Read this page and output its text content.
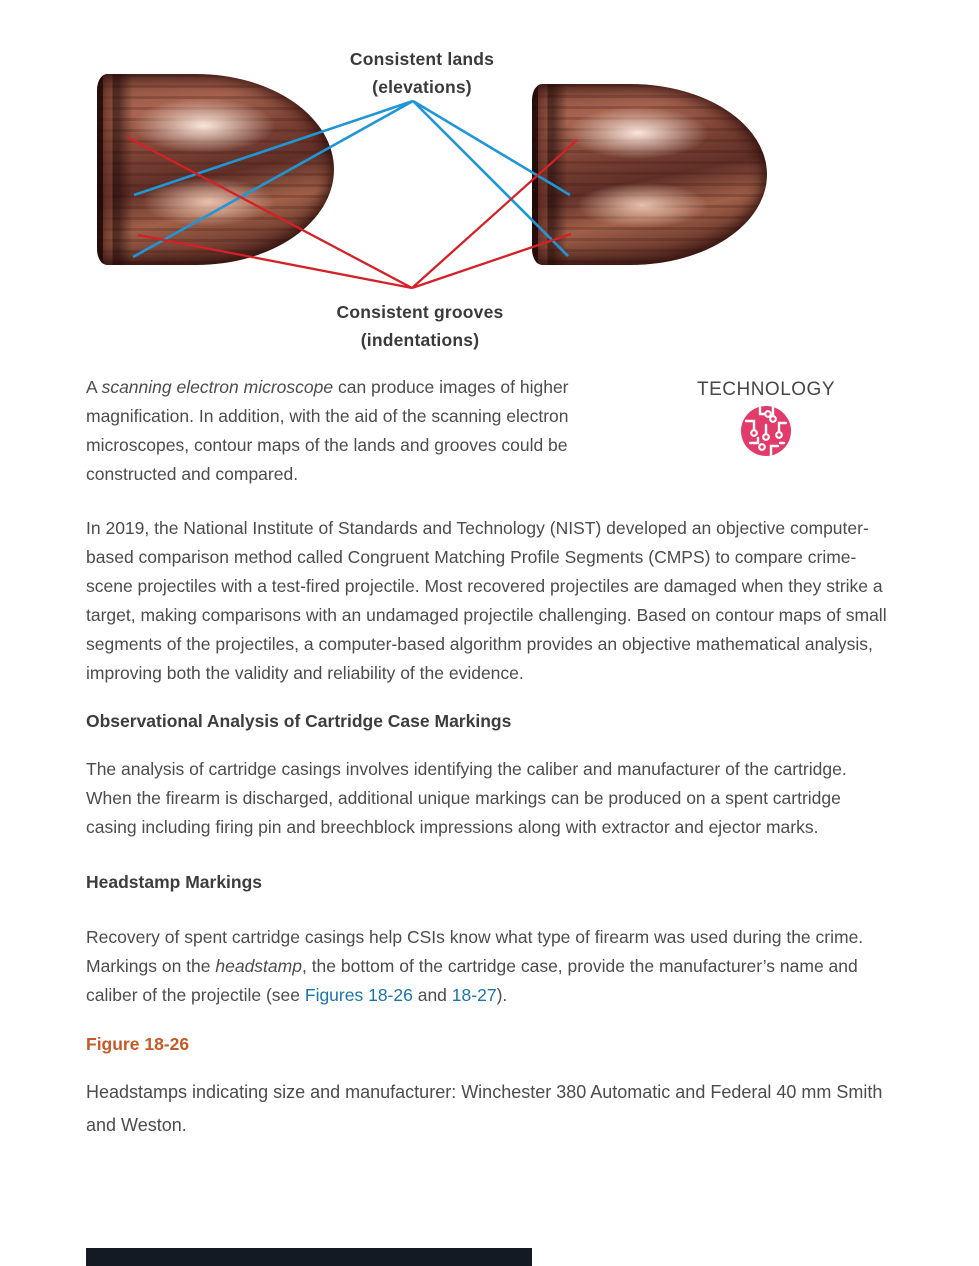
Consistent lands
(elevations)
Consistent grooves
(indentations)

A scanning electron microscope can produce images of higher magnification. In addition, with the aid of the scanning electron microscopes, contour maps of the lands and grooves could be constructed and compared.

TECHNOLOGY

In 2019, the National Institute of Standards and Technology (NIST) developed an objective computer-based comparison method called Congruent Matching Profile Segments (CMPS) to compare crime-scene projectiles with a test-fired projectile. Most recovered projectiles are damaged when they strike a target, making comparisons with an undamaged projectile challenging. Based on contour maps of small segments of the projectiles, a computer-based algorithm provides an objective mathematical analysis, improving both the validity and reliability of the evidence.

Observational Analysis of Cartridge Case Markings

The analysis of cartridge casings involves identifying the caliber and manufacturer of the cartridge. When the firearm is discharged, additional unique markings can be produced on a spent cartridge casing including firing pin and breechblock impressions along with extractor and ejector marks.

Headstamp Markings

Recovery of spent cartridge casings help CSIs know what type of firearm was used during the crime. Markings on the headstamp, the bottom of the cartridge case, provide the manufacturer’s name and caliber of the projectile (see Figures 18-26 and 18-27).

Figure 18-26

Headstamps indicating size and manufacturer: Winchester 380 Automatic and Federal 40 mm Smith and Weston.
